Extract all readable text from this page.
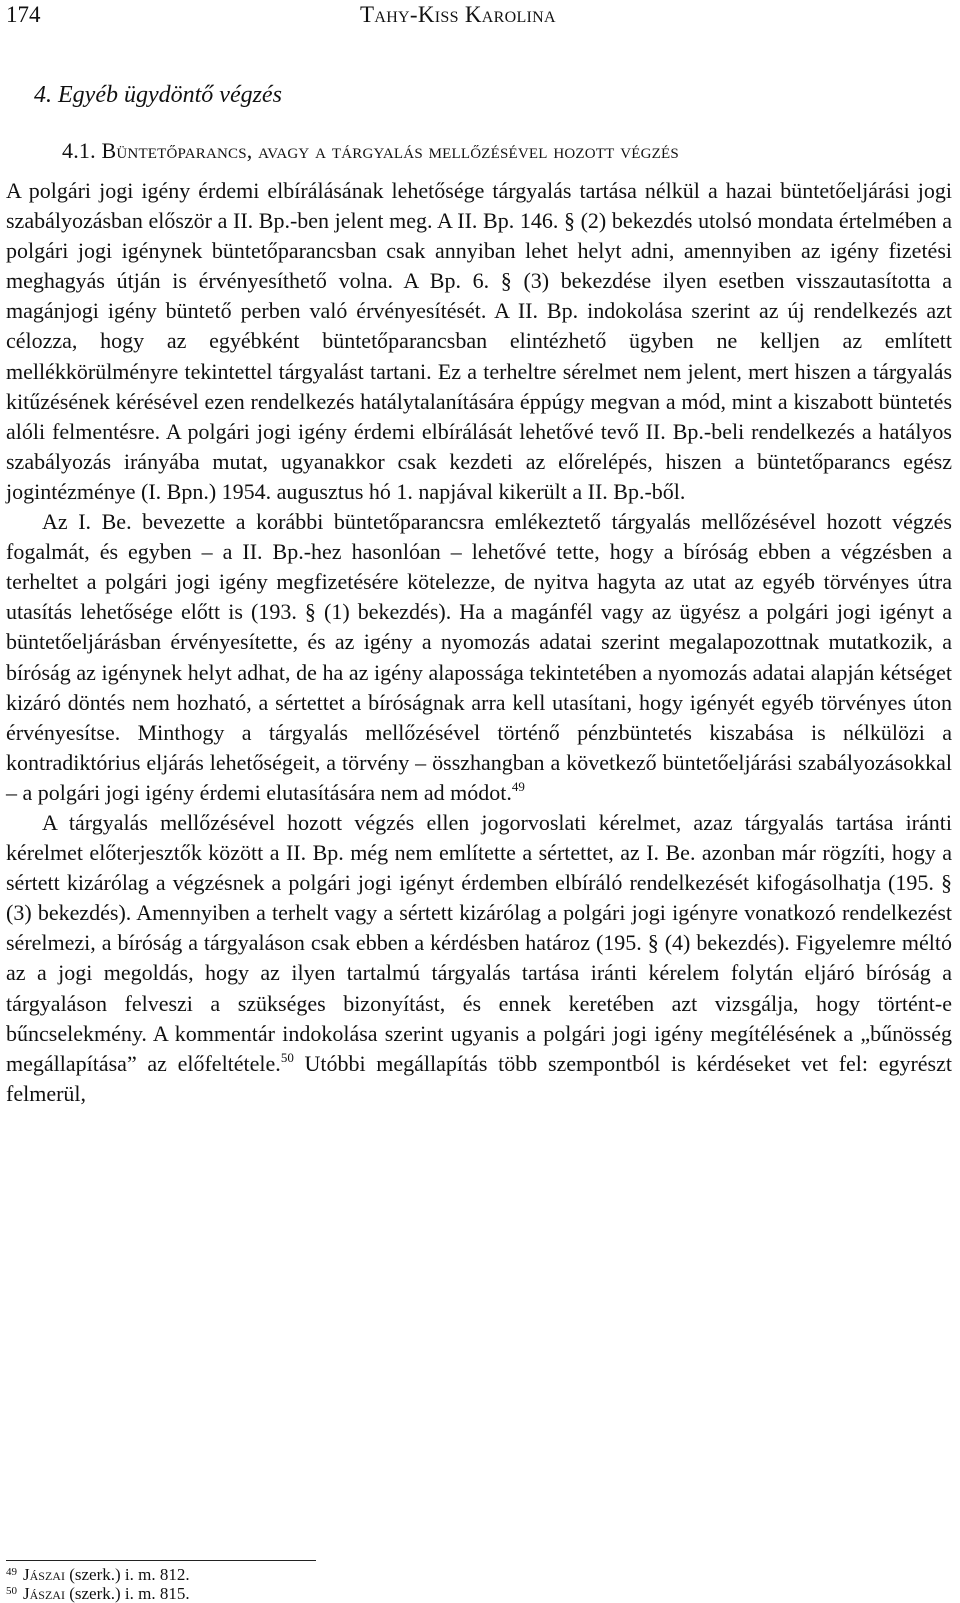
174	Tahy-Kiss Karolina
4. Egyéb ügydöntő végzés
4.1. Büntetőparancs, avagy a tárgyalás mellőzésével hozott végzés

A polgári jogi igény érdemi elbírálásának lehetősége tárgyalás tartása nélkül a hazai büntetőeljárási jogi szabályozásban először a II. Bp.-ben jelent meg. A II. Bp. 146. § (2) bekezdés utolsó mondata értelmében a polgári jogi igénynek büntetőparancsban csak annyiban lehet helyt adni, amennyiben az igény fizetési meghagyás útján is érvényesíthető volna. A Bp. 6. § (3) bekezdése ilyen esetben visszautasította a magánjogi igény büntető perben való érvényesítését. A II. Bp. indokolása szerint az új rendelkezés azt célozza, hogy az egyébként büntetőparancsban elintézhető ügyben ne kelljen az említett mellékkörülményre tekintettel tárgyalást tartani. Ez a terheltre sérelmet nem jelent, mert hiszen a tárgyalás kitűzésének kérésével ezen rendelkezés hatálytalanítására éppúgy megvan a mód, mint a kiszabott büntetés alóli felmentésre. A polgári jogi igény érdemi elbírálását lehetővé tevő II. Bp.-beli rendelkezés a hatályos szabályozás irányába mutat, ugyanakkor csak kezdeti az előrelépés, hiszen a büntetőparancs egész jogintézménye (I. Bpn.) 1954. augusztus hó 1. napjával kikerült a II. Bp.-ből.

Az I. Be. bevezette a korábbi büntetőparancsra emlékeztető tárgyalás mellőzésével hozott végzés fogalmát, és egyben – a II. Bp.-hez hasonlóan – lehetővé tette, hogy a bíróság ebben a végzésben a terheltet a polgári jogi igény megfizetésére kötelezze, de nyitva hagyta az utat az egyéb törvényes útra utasítás lehetősége előtt is (193. § (1) bekezdés). Ha a magánfél vagy az ügyész a polgári jogi igényt a büntetőeljárásban érvényesítette, és az igény a nyomozás adatai szerint megalapozottnak mutatkozik, a bíróság az igénynek helyt adhat, de ha az igény alapossága tekintetében a nyomozás adatai alapján kétséget kizáró döntés nem hozható, a sértettet a bíróságnak arra kell utasítani, hogy igényét egyéb törvényes úton érvényesítse. Minthogy a tárgyalás mellőzésével történő pénzbüntetés kiszabása is nélkülözi a kontradiktórius eljárás lehetőségeit, a törvény – összhangban a következő büntetőeljárási szabályozásokkal – a polgári jogi igény érdemi elutasítására nem ad módot.$^{49}$

A tárgyalás mellőzésével hozott végzés ellen jogorvoslati kérelmet, azaz tárgyalás tartása iránti kérelmet előterjesztők között a II. Bp. még nem említette a sértettet, az I. Be. azonban már rögzíti, hogy a sértett kizárólag a végzésnek a polgári jogi igényt érdemben elbíráló rendelkezését kifogásolhatja (195. § (3) bekezdés). Amennyiben a terhelt vagy a sértett kizárólag a polgári jogi igényre vonatkozó rendelkezést sérelmezi, a bíróság a tárgyaláson csak ebben a kérdésben határoz (195. § (4) bekezdés). Figyelemre méltó az a jogi megoldás, hogy az ilyen tartalmú tárgyalás tartása iránti kérelem folytán eljáró bíróság a tárgyaláson felveszi a szükséges bizonyítást, és ennek keretében azt vizsgálja, hogy történt-e bűncselekmény. A kommentár indokolása szerint ugyanis a polgári jogi igény megítélésének a „bűnösség megállapítása” az előfeltétele.$^{50}$ Utóbbi megállapítás több szempontból is kérdéseket vet fel: egyrészt felmerül,

$^{49}$ Jászai (szerk.) i. m. 812.
$^{50}$ Jászai (szerk.) i. m. 815.
